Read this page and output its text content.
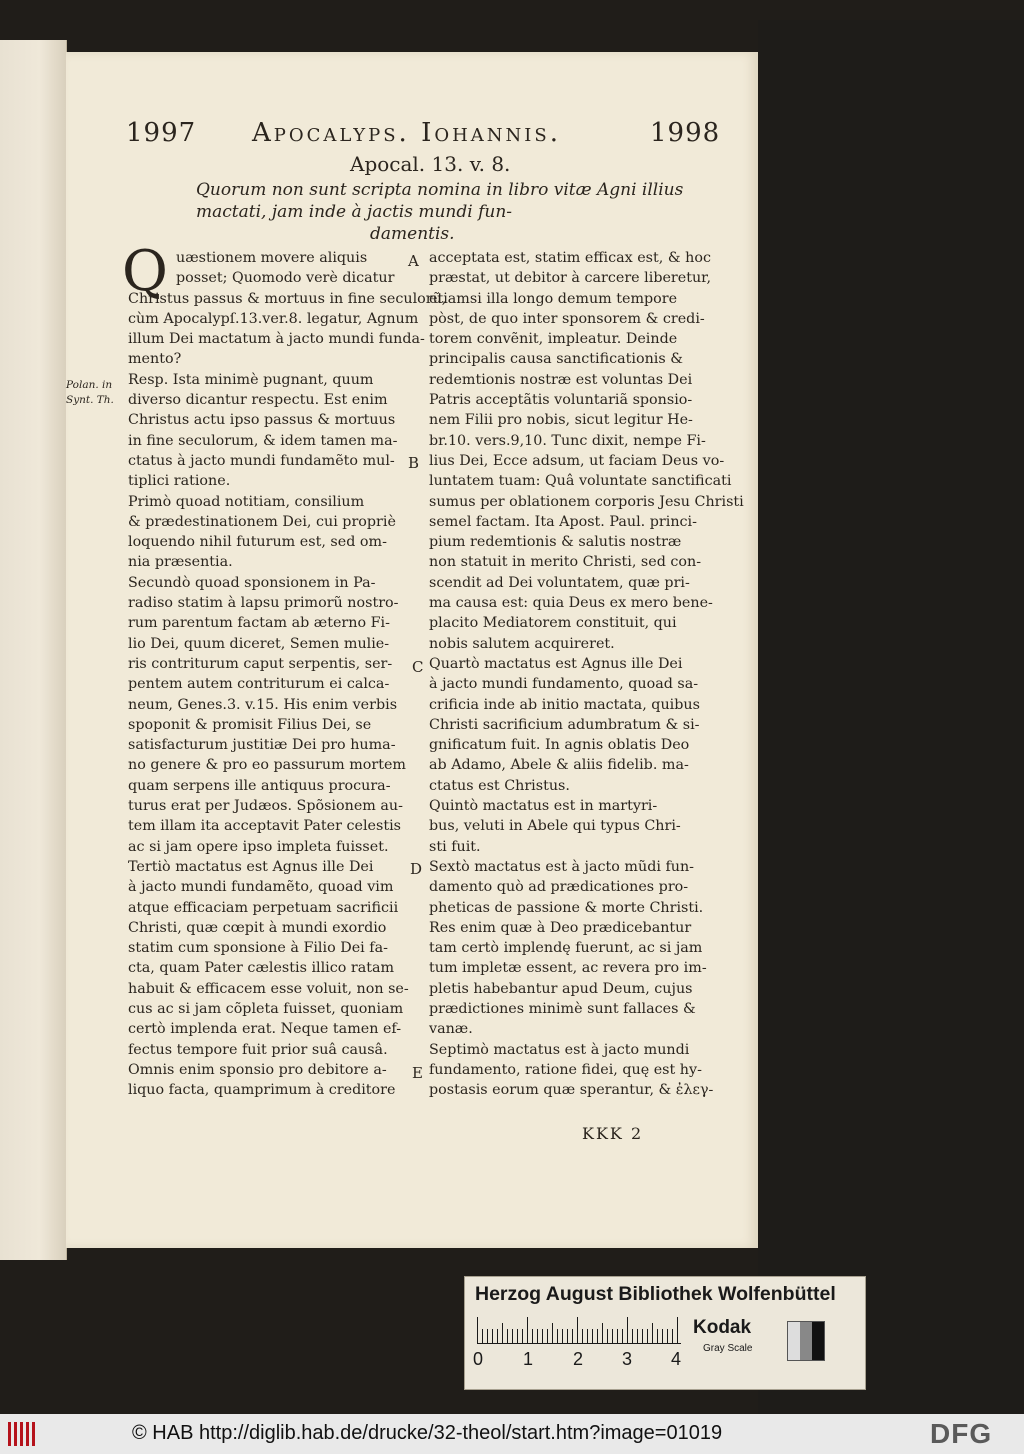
1997 Apocalyps. Iohannis.	1998
Apocal. 13. v. 8.
Quorum non sunt scripta nomina in libro vitæ Agni illius
mactati, jam inde à jactis mundi fun-
damentis.
Q uæstionem movere aliquis
posset; Quomodo verè dicatur
Christus passus & mortuus in fine seculorũ,
cùm Apocalypſ.13.ver.8. legatur, Agnum
illum Dei mactatum à jacto mundi funda-
mento?
Resp. Ista minimè pugnant, quum
diverso dicantur respectu. Est enim
Christus actu ipso passus & mortuus
in fine seculorum, & idem tamen ma-
ctatus à jacto mundi fundamẽto mul-
tiplici ratione.
Primò quoad notitiam, consilium
& prædestinationem Dei, cui propriè
loquendo nihil futurum est, sed om-
nia præsentia.
Secundò quoad sponsionem in Pa-
radiso statim à lapsu primorũ nostro-
rum parentum factam ab æterno Fi-
lio Dei, quum diceret, Semen mulie-
ris contriturum caput serpentis, ser-
pentem autem contriturum ei calca-
neum, Genes.3. v.15. His enim verbis
spoponit & promisit Filius Dei, se
satisfacturum justitiæ Dei pro huma-
no genere & pro eo passurum mortem
quam serpens ille antiquus procura-
turus erat per Judæos. Spõsionem au-
tem illam ita acceptavit Pater celestis
ac si jam opere ipso impleta fuisset.
Tertiò mactatus est Agnus ille Dei
à jacto mundi fundamẽto, quoad vim
atque efficaciam perpetuam sacrificii
Christi, quæ cœpit à mundi exordio
statim cum sponsione à Filio Dei fa-
cta, quam Pater cælestis illico ratam
habuit & efficacem esse voluit, non se-
cus ac si jam cõpleta fuisset, quoniam
certò implenda erat. Neque tamen ef-
fectus tempore fuit prior suâ causâ.
Omnis enim sponsio pro debitore a-
liquo facta, quamprimum à creditore
acceptata est, statim efficax est, & hoc
præstat, ut debitor à carcere liberetur,
etiamsi illa longo demum tempore
pòst, de quo inter sponsorem & credi-
torem convẽnit, impleatur. Deinde
principalis causa sanctificationis &
redemtionis nostræ est voluntas Dei
Patris acceptãtis voluntariã sponsio-
nem Filii pro nobis, sicut legitur He-
br.10. vers.9,10. Tunc dixit, nempe Fi-
lius Dei, Ecce adsum, ut faciam Deus vo-
luntatem tuam: Quâ voluntate sanctificati
sumus per oblationem corporis Jesu Christi
semel factam. Ita Apost. Paul. princi-
pium redemtionis & salutis nostræ
non statuit in merito Christi, sed con-
scendit ad Dei voluntatem, quæ pri-
ma causa est: quia Deus ex mero bene-
placito Mediatorem constituit, qui
nobis salutem acquireret.
Quartò mactatus est Agnus ille Dei
à jacto mundi fundamento, quoad sa-
crificia inde ab initio mactata, quibus
Christi sacrificium adumbratum & si-
gnificatum fuit. In agnis oblatis Deo
ab Adamo, Abele & aliis fidelib. ma-
ctatus est Christus.
Quintò mactatus est in martyri-
bus, veluti in Abele qui typus Chri-
sti fuit.
Sextò mactatus est à jacto mũdi fun-
damento quò ad prædicationes pro-
pheticas de passione & morte Christi.
Res enim quæ à Deo prædicebantur
tam certò implendę fuerunt, ac si jam
tum impletæ essent, ac revera pro im-
pletis habebantur apud Deum, cujus
prædictiones minimè sunt fallaces &
vanæ.
Septimò mactatus est à jacto mundi
fundamento, ratione fidei, quę est hy-
postasis eorum quæ sperantur, & ἐλεγ-
A
B
C
D
E
Polan. in
Synt. Th.
KKK 2
Herzog August Bibliothek Wolfenbüttel
0 1 2 3 4
Kodak
Gray Scale
© HAB http://diglib.hab.de/drucke/32-theol/start.htm?image=01019	DFG
